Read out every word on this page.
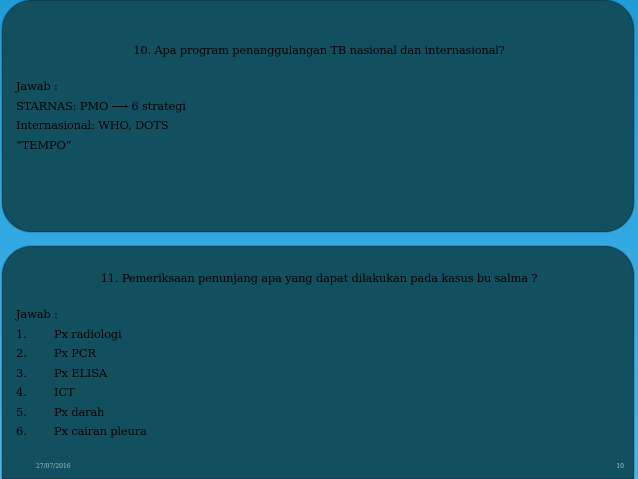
10. Apa program penanggulangan TB nasional dan internasional?
Jawab :
STARNAS: PMO ⟶ 6 strategi
Internasional: WHO, DOTS
“TEMPO”
11. Pemeriksaan penunjang apa yang dapat dilakukan pada kasus bu salma ?
Jawab :
1. Px radiologi
2. Px PCR
3. Px ELISA
4. ICT
5. Px darah
6. Px cairan pleura
27/07/2016	10
